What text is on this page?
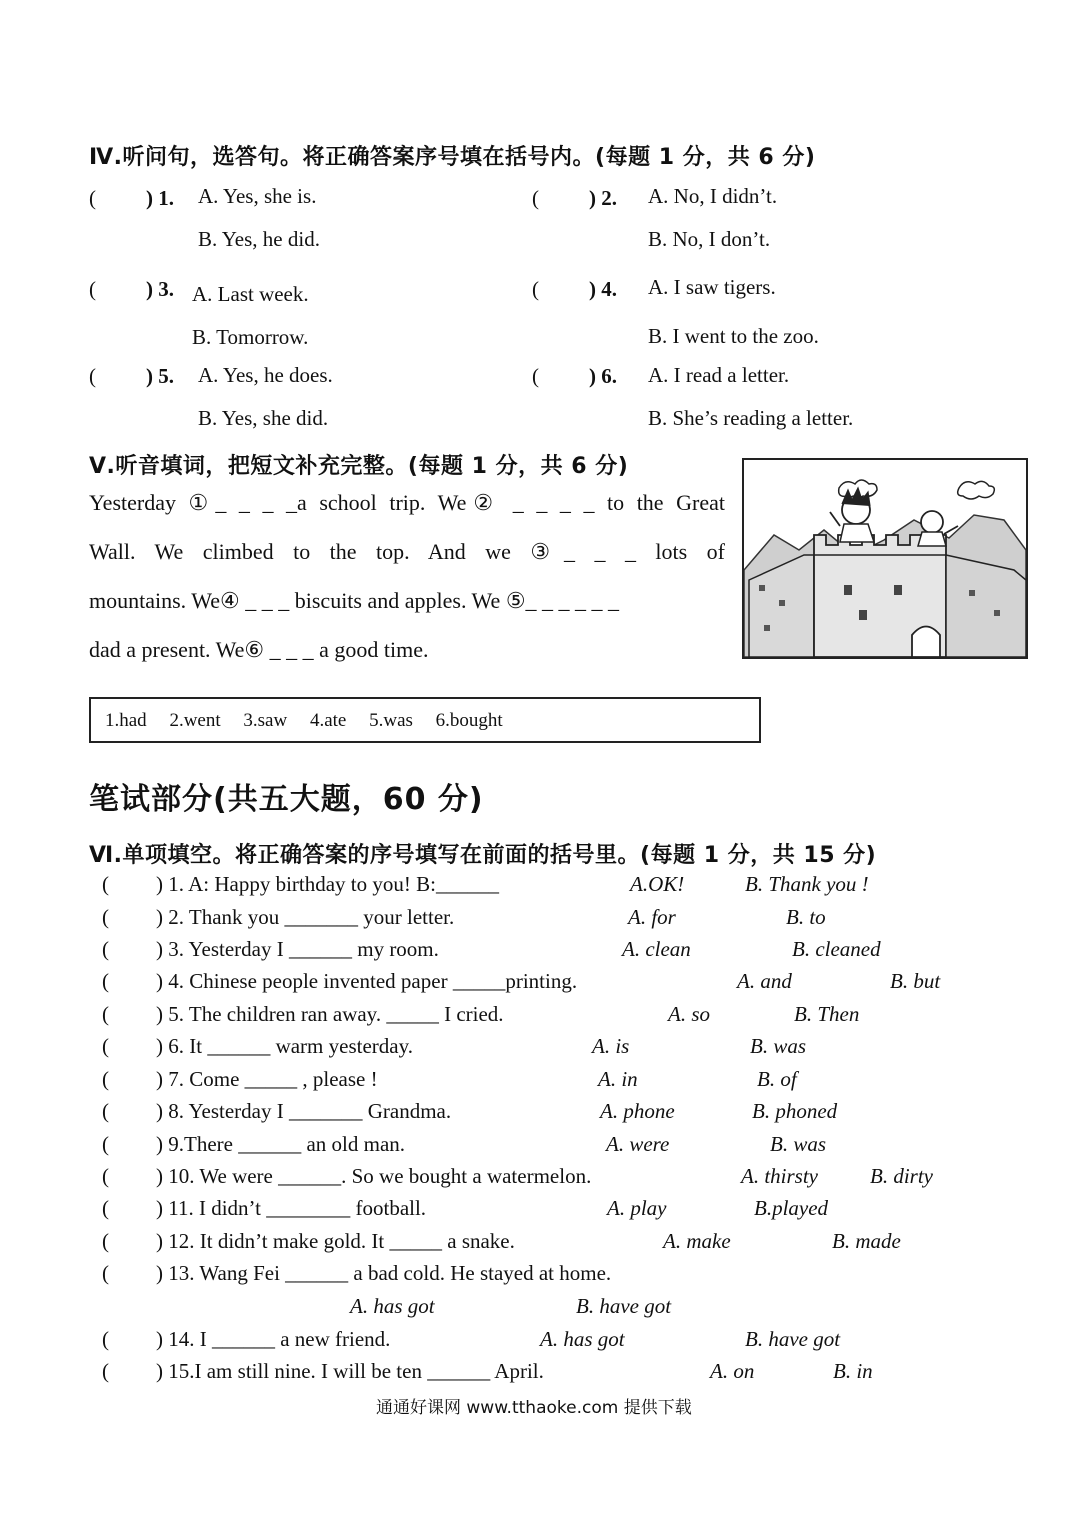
Ⅳ.听问句，选答句。将正确答案序号填在括号内。(每题 1 分，共 6 分)
( ) 1. A. Yes, she is.
B. Yes, he did.
( ) 2. A. No, I didn’t.
B. No, I don’t.
( ) 3. A. Last week.
B. Tomorrow.
( ) 4. A. I saw tigers.
B. I went to the zoo.
( ) 5. A. Yes, he does.
B. Yes, she did.
( ) 6. A. I read a letter.
B. She’s reading a letter.
Ⅴ.听音填词，把短文补充完整。(每题 1 分，共 6 分)
Yesterday ①_ _ _ _a school trip. We② _ _ _ _ to the Great
Wall. We climbed to the top. And we ③_ _ _ lots of
mountains. We④ _ _ _ biscuits and apples. We ⑤_ _ _ _ _ _
dad a present. We⑥ _ _ _ a good time.
1.had 2.went 3.saw 4.ate 5.was 6.bought
笔试部分(共五大题，60 分)
Ⅵ.单项填空。将正确答案的序号填写在前面的括号里。(每题 1 分，共 15 分)
( ) 1. A: Happy birthday to you! B:______	A.OK!	B. Thank you !
( ) 2. Thank you _______ your letter.	A. for	B. to
( ) 3. Yesterday I ______ my room.	A. clean	B. cleaned
( ) 4. Chinese people invented paper _____printing.	A. and	B. but
( ) 5. The children ran away. _____ I cried.	A. so	B. Then
( ) 6. It ______ warm yesterday.	A. is	B. was
( ) 7. Come _____ , please !	A. in	B. of
( ) 8. Yesterday I _______ Grandma.	A. phone	B. phoned
( ) 9.There ______ an old man.	A. were	B. was
( ) 10. We were ______. So we bought a watermelon.	A. thirsty B. dirty
( ) 11. I didn’t ________ football.	A. play	B.played
( ) 12. It didn’t make gold. It _____ a snake.	A. make	B. made
( ) 13. Wang Fei ______ a bad cold. He stayed at home.
A. has got	B. have got
( ) 14. I ______ a new friend.	A. has got	B. have got
( ) 15.I am still nine. I will be ten ______ April.	A. on	B. in
通通好课网 www.tthaoke.com 提供下载
